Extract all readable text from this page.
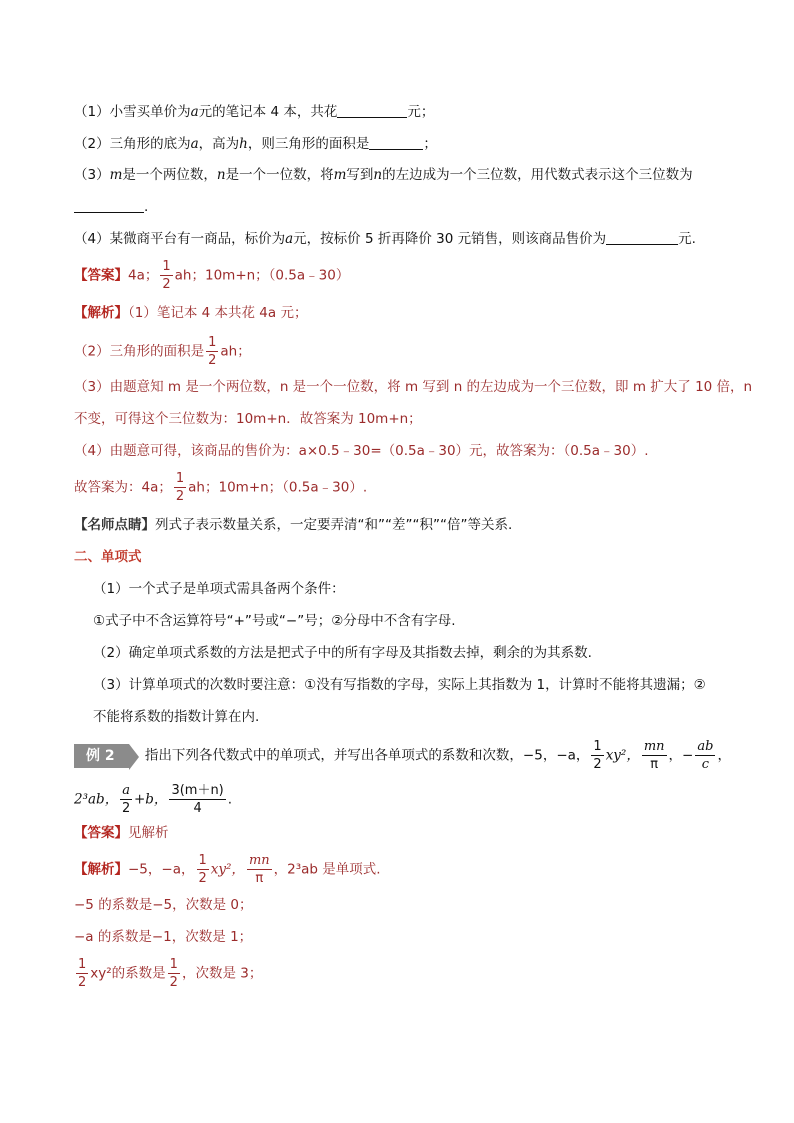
（1）小雪买单价为a元的笔记本 4 本，共花	元；
（2）三角形的底为a，高为h，则三角形的面积是	；
（3）m是一个两位数，n是一个一位数，将m写到n的左边成为一个三位数，用代数式表示这个三位数为
.
（4）某微商平台有一商品，标价为a元，按标价 5 折再降价 30 元销售，则该商品售价为	元.
【答案】4a； $\frac{1}{2}$ ah；10m+n；（0.5a﹣30）
【解析】（1）笔记本 4 本共花 4a 元；
（2）三角形的面积是 $\frac{1}{2}$ ah；
（3）由题意知 m 是一个两位数，n 是一个一位数，将 m 写到 n 的左边成为一个三位数，即 m 扩大了 10 倍，n
不变，可得这个三位数为：10m+n．故答案为 10m+n；
（4）由题意可得，该商品的售价为：a×0.5﹣30=（0.5a﹣30）元，故答案为：（0.5a﹣30）.
故答案为：4a； $\frac{1}{2}$ ah；10m+n；（0.5a﹣30）.
【名师点睛】列式子表示数量关系，一定要弄清“和”“差”“积”“倍”等关系.
二、单项式
（1）一个式子是单项式需具备两个条件：
①式子中不含运算符号“+”号或“−”号；②分母中不含有字母.
（2）确定单项式系数的方法是把式子中的所有字母及其指数去掉，剩余的为其系数.
（3）计算单项式的次数时要注意：①没有写指数的字母，实际上其指数为 1，计算时不能将其遗漏；②
不能将系数的指数计算在内.
例 2 指出下列各代数式中的单项式，并写出各单项式的系数和次数，−5，−a， $\frac{1}{2} xy^2$， $\frac{mn}{\pi}$ ，− $\frac{ab}{c}$ ，
2³ab， $\frac{a}{2} +b$， $\frac{3(m+n)}{4}$ .
【答案】见解析
【解析】−5，−a， $\frac{1}{2} xy^2$， $\frac{mn}{\pi}$ ，2³ab 是单项式.
−5 的系数是−5，次数是 0；
−a 的系数是−1，次数是 1；
$\frac{1}{2} xy^2$的系数是 $\frac{1}{2}$ ，次数是 3；
